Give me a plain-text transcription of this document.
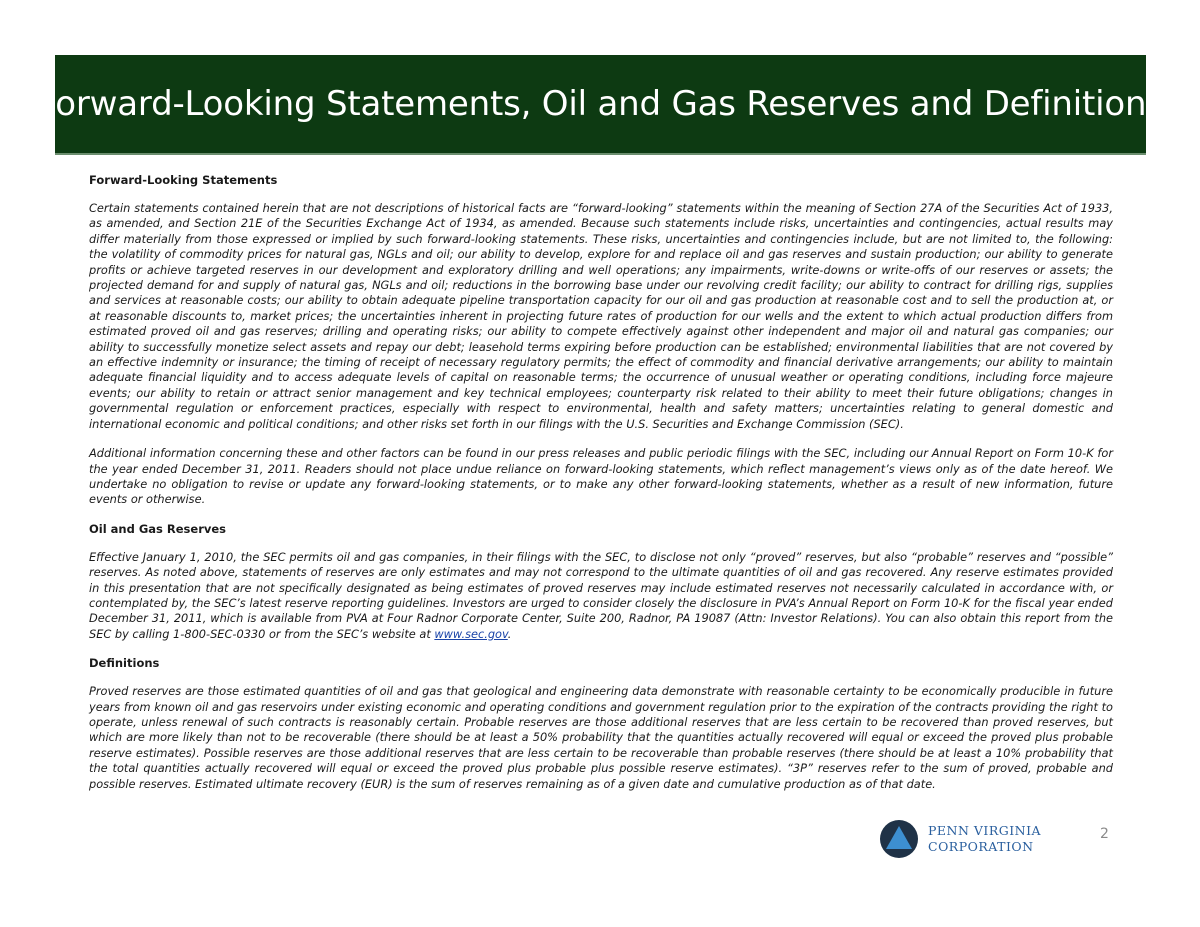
Forward-Looking Statements, Oil and Gas Reserves and Definitions
Forward-Looking Statements

Certain statements contained herein that are not descriptions of historical facts are “forward-looking” statements within the meaning of Section 27A of the Securities Act of 1933, as amended, and Section 21E of the Securities Exchange Act of 1934, as amended. Because such statements include risks, uncertainties and contingencies, actual results may differ materially from those expressed or implied by such forward-looking statements. These risks, uncertainties and contingencies include, but are not limited to, the following: the volatility of commodity prices for natural gas, NGLs and oil; our ability to develop, explore for and replace oil and gas reserves and sustain production; our ability to generate profits or achieve targeted reserves in our development and exploratory drilling and well operations; any impairments, write-downs or write-offs of our reserves or assets; the projected demand for and supply of natural gas, NGLs and oil; reductions in the borrowing base under our revolving credit facility; our ability to contract for drilling rigs, supplies and services at reasonable costs; our ability to obtain adequate pipeline transportation capacity for our oil and gas production at reasonable cost and to sell the production at, or at reasonable discounts to, market prices; the uncertainties inherent in projecting future rates of production for our wells and the extent to which actual production differs from estimated proved oil and gas reserves; drilling and operating risks; our ability to compete effectively against other independent and major oil and natural gas companies; our ability to successfully monetize select assets and repay our debt; leasehold terms expiring before production can be established; environmental liabilities that are not covered by an effective indemnity or insurance; the timing of receipt of necessary regulatory permits; the effect of commodity and financial derivative arrangements; our ability to maintain adequate financial liquidity and to access adequate levels of capital on reasonable terms; the occurrence of unusual weather or operating conditions, including force majeure events; our ability to retain or attract senior management and key technical employees; counterparty risk related to their ability to meet their future obligations; changes in governmental regulation or enforcement practices, especially with respect to environmental, health and safety matters; uncertainties relating to general domestic and international economic and political conditions; and other risks set forth in our filings with the U.S. Securities and Exchange Commission (SEC).

Additional information concerning these and other factors can be found in our press releases and public periodic filings with the SEC, including our Annual Report on Form 10-K for the year ended December 31, 2011. Readers should not place undue reliance on forward-looking statements, which reflect management’s views only as of the date hereof. We undertake no obligation to revise or update any forward-looking statements, or to make any other forward-looking statements, whether as a result of new information, future events or otherwise.

Oil and Gas Reserves

Effective January 1, 2010, the SEC permits oil and gas companies, in their filings with the SEC, to disclose not only “proved” reserves, but also “probable” reserves and “possible” reserves. As noted above, statements of reserves are only estimates and may not correspond to the ultimate quantities of oil and gas recovered. Any reserve estimates provided in this presentation that are not specifically designated as being estimates of proved reserves may include estimated reserves not necessarily calculated in accordance with, or contemplated by, the SEC’s latest reserve reporting guidelines. Investors are urged to consider closely the disclosure in PVA’s Annual Report on Form 10-K for the fiscal year ended December 31, 2011, which is available from PVA at Four Radnor Corporate Center, Suite 200, Radnor, PA 19087 (Attn: Investor Relations). You can also obtain this report from the SEC by calling 1-800-SEC-0330 or from the SEC’s website at www.sec.gov.

Definitions

Proved reserves are those estimated quantities of oil and gas that geological and engineering data demonstrate with reasonable certainty to be economically producible in future years from known oil and gas reservoirs under existing economic and operating conditions and government regulation prior to the expiration of the contracts providing the right to operate, unless renewal of such contracts is reasonably certain. Probable reserves are those additional reserves that are less certain to be recovered than proved reserves, but which are more likely than not to be recoverable (there should be at least a 50% probability that the quantities actually recovered will equal or exceed the proved plus probable reserve estimates). Possible reserves are those additional reserves that are less certain to be recoverable than probable reserves (there should be at least a 10% probability that the total quantities actually recovered will equal or exceed the proved plus probable plus possible reserve estimates). “3P” reserves refer to the sum of proved, probable and possible reserves. Estimated ultimate recovery (EUR) is the sum of reserves remaining as of a given date and cumulative production as of that date.

PENN VIRGINIA
CORPORATION
2
